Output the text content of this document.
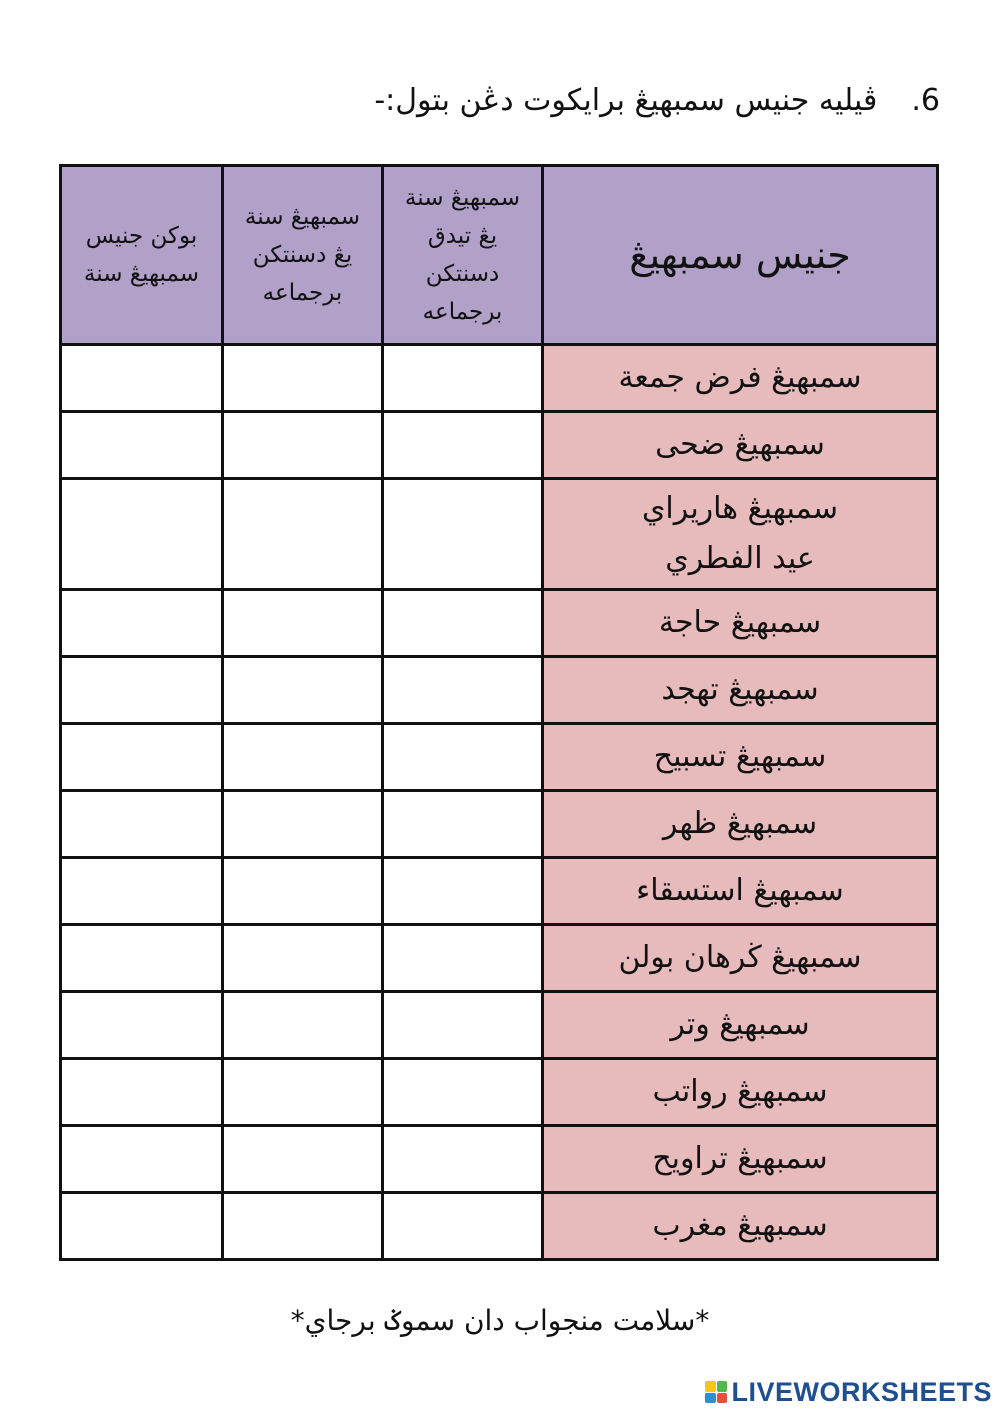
6.ڤيليه جنيس سمبهيڠ برايكوت دڠن بتول:-
جنيس سمبهيڠ	سمبهيڠ سنة يڠ تيدق دسنتكن برجماعه	سمبهيڠ سنة يڠ دسنتكن برجماعه	بوكن جنيس سمبهيڠ سنة

سمبهيڠ فرض جمعة			
سمبهيڠ ضحى			

سمبهيڠ هاريراي عيد الفطري			

سمبهيڠ حاجة			
سمبهيڠ تهجد			
سمبهيڠ تسبيح			
سمبهيڠ ظهر			
سمبهيڠ استسقاء			
سمبهيڠ ڬرهان بولن			
سمبهيڠ وتر			
سمبهيڠ رواتب			
سمبهيڠ تراويح			
سمبهيڠ مغرب			
*سلامت منجواب دان سموݢ برجاي*
LIVEWORKSHEETS
